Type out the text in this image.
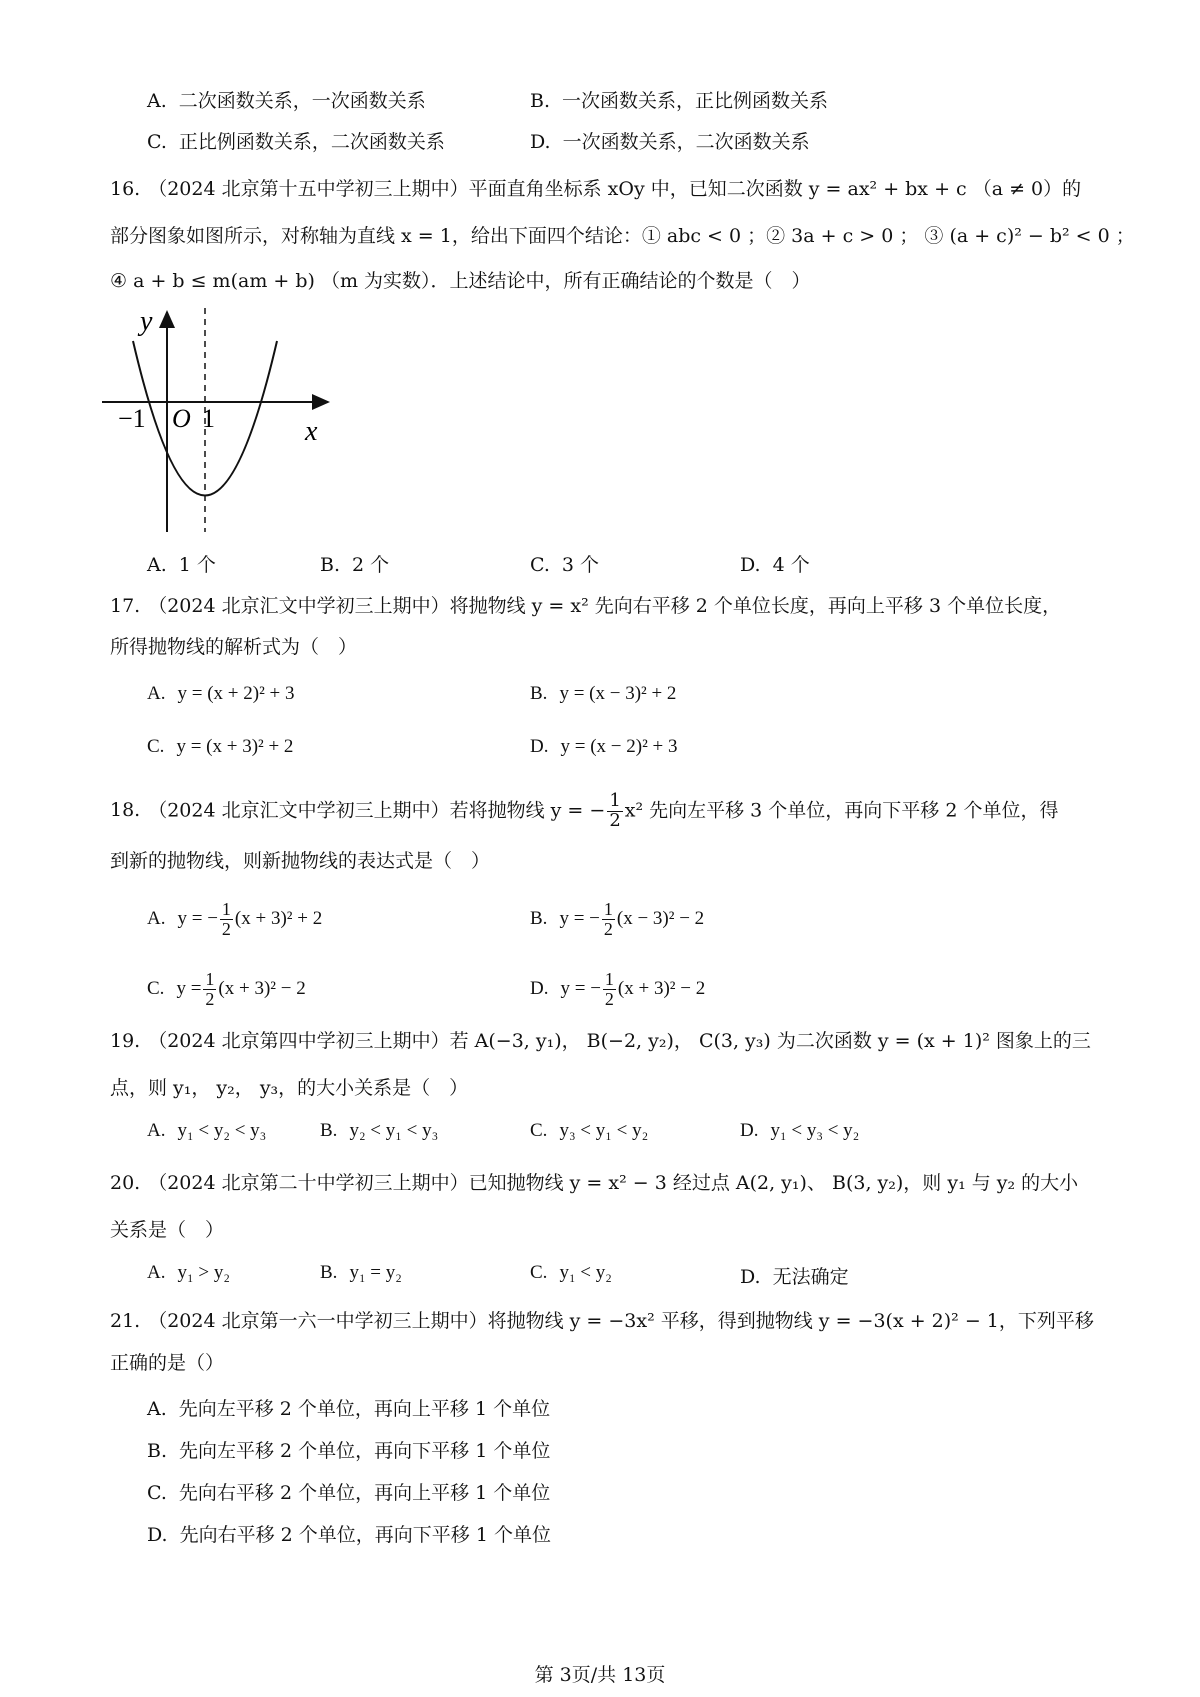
A. 二次函数关系，一次函数关系	B. 一次函数关系，正比例函数关系
C. 正比例函数关系，二次函数关系	D. 一次函数关系，二次函数关系
16. （2024 北京第十五中学初三上期中）平面直角坐标系 xOy 中，已知二次函数 y = ax² + bx + c （a ≠ 0）的
部分图象如图所示，对称轴为直线 x = 1，给出下面四个结论：① abc < 0 ；② 3a + c > 0 ； ③ (a + c)² − b² < 0 ；
④ a + b ≤ m(am + b) （m 为实数）．上述结论中，所有正确结论的个数是（　）
y
x
O
−1 1
A. 1 个	B. 2 个	C. 3 个	D. 4 个
17. （2024 北京汇文中学初三上期中）将抛物线 y = x² 先向右平移 2 个单位长度，再向上平移 3 个单位长度，
所得抛物线的解析式为（　）
A. y = (x + 2)² + 3	B. y = (x − 3)² + 2
C. y = (x + 3)² + 2	D. y = (x − 2)² + 3
18. （2024 北京汇文中学初三上期中）若将抛物线 y = − $\frac{1}{2} x^2$ 先向左平移 3 个单位，再向下平移 2 个单位，得
到新的抛物线，则新抛物线的表达式是（　）
A. y = − $\frac{1}{2} (x + 3)^2 + 2$	B. y = − $\frac{1}{2} (x - 3)^2 - 2$
C. $y = \frac{1}{2} (x + 3)^2 - 2$	D. y = − $\frac{1}{2} (x + 3)^2 - 2$
19. （2024 北京第四中学初三上期中）若 A(−3, y₁)， B(−2, y₂)， C(3, y₃) 为二次函数 y = (x + 1)² 图象上的三
点，则 y₁， y₂， y₃，的大小关系是（　）
A. y₁ < y₂ < y₃	B. y₂ < y₁ < y₃	C. y₃ < y₁ < y₂	D. y₁ < y₃ < y₂
20. （2024 北京第二十中学初三上期中）已知抛物线 y = x² − 3 经过点 A(2, y₁)、 B(3, y₂)，则 y₁ 与 y₂ 的大小
关系是（　）
A. y₁ > y₂	B. y₁ = y₂	C. y₁ < y₂	D. 无法确定
21. （2024 北京第一六一中学初三上期中）将抛物线 y = −3x² 平移，得到抛物线 y = −3(x + 2)² − 1，下列平移
正确的是（）
A. 先向左平移 2 个单位，再向上平移 1 个单位
B. 先向左平移 2 个单位，再向下平移 1 个单位
C. 先向右平移 2 个单位，再向上平移 1 个单位
D. 先向右平移 2 个单位，再向下平移 1 个单位
第 3页/共 13页
